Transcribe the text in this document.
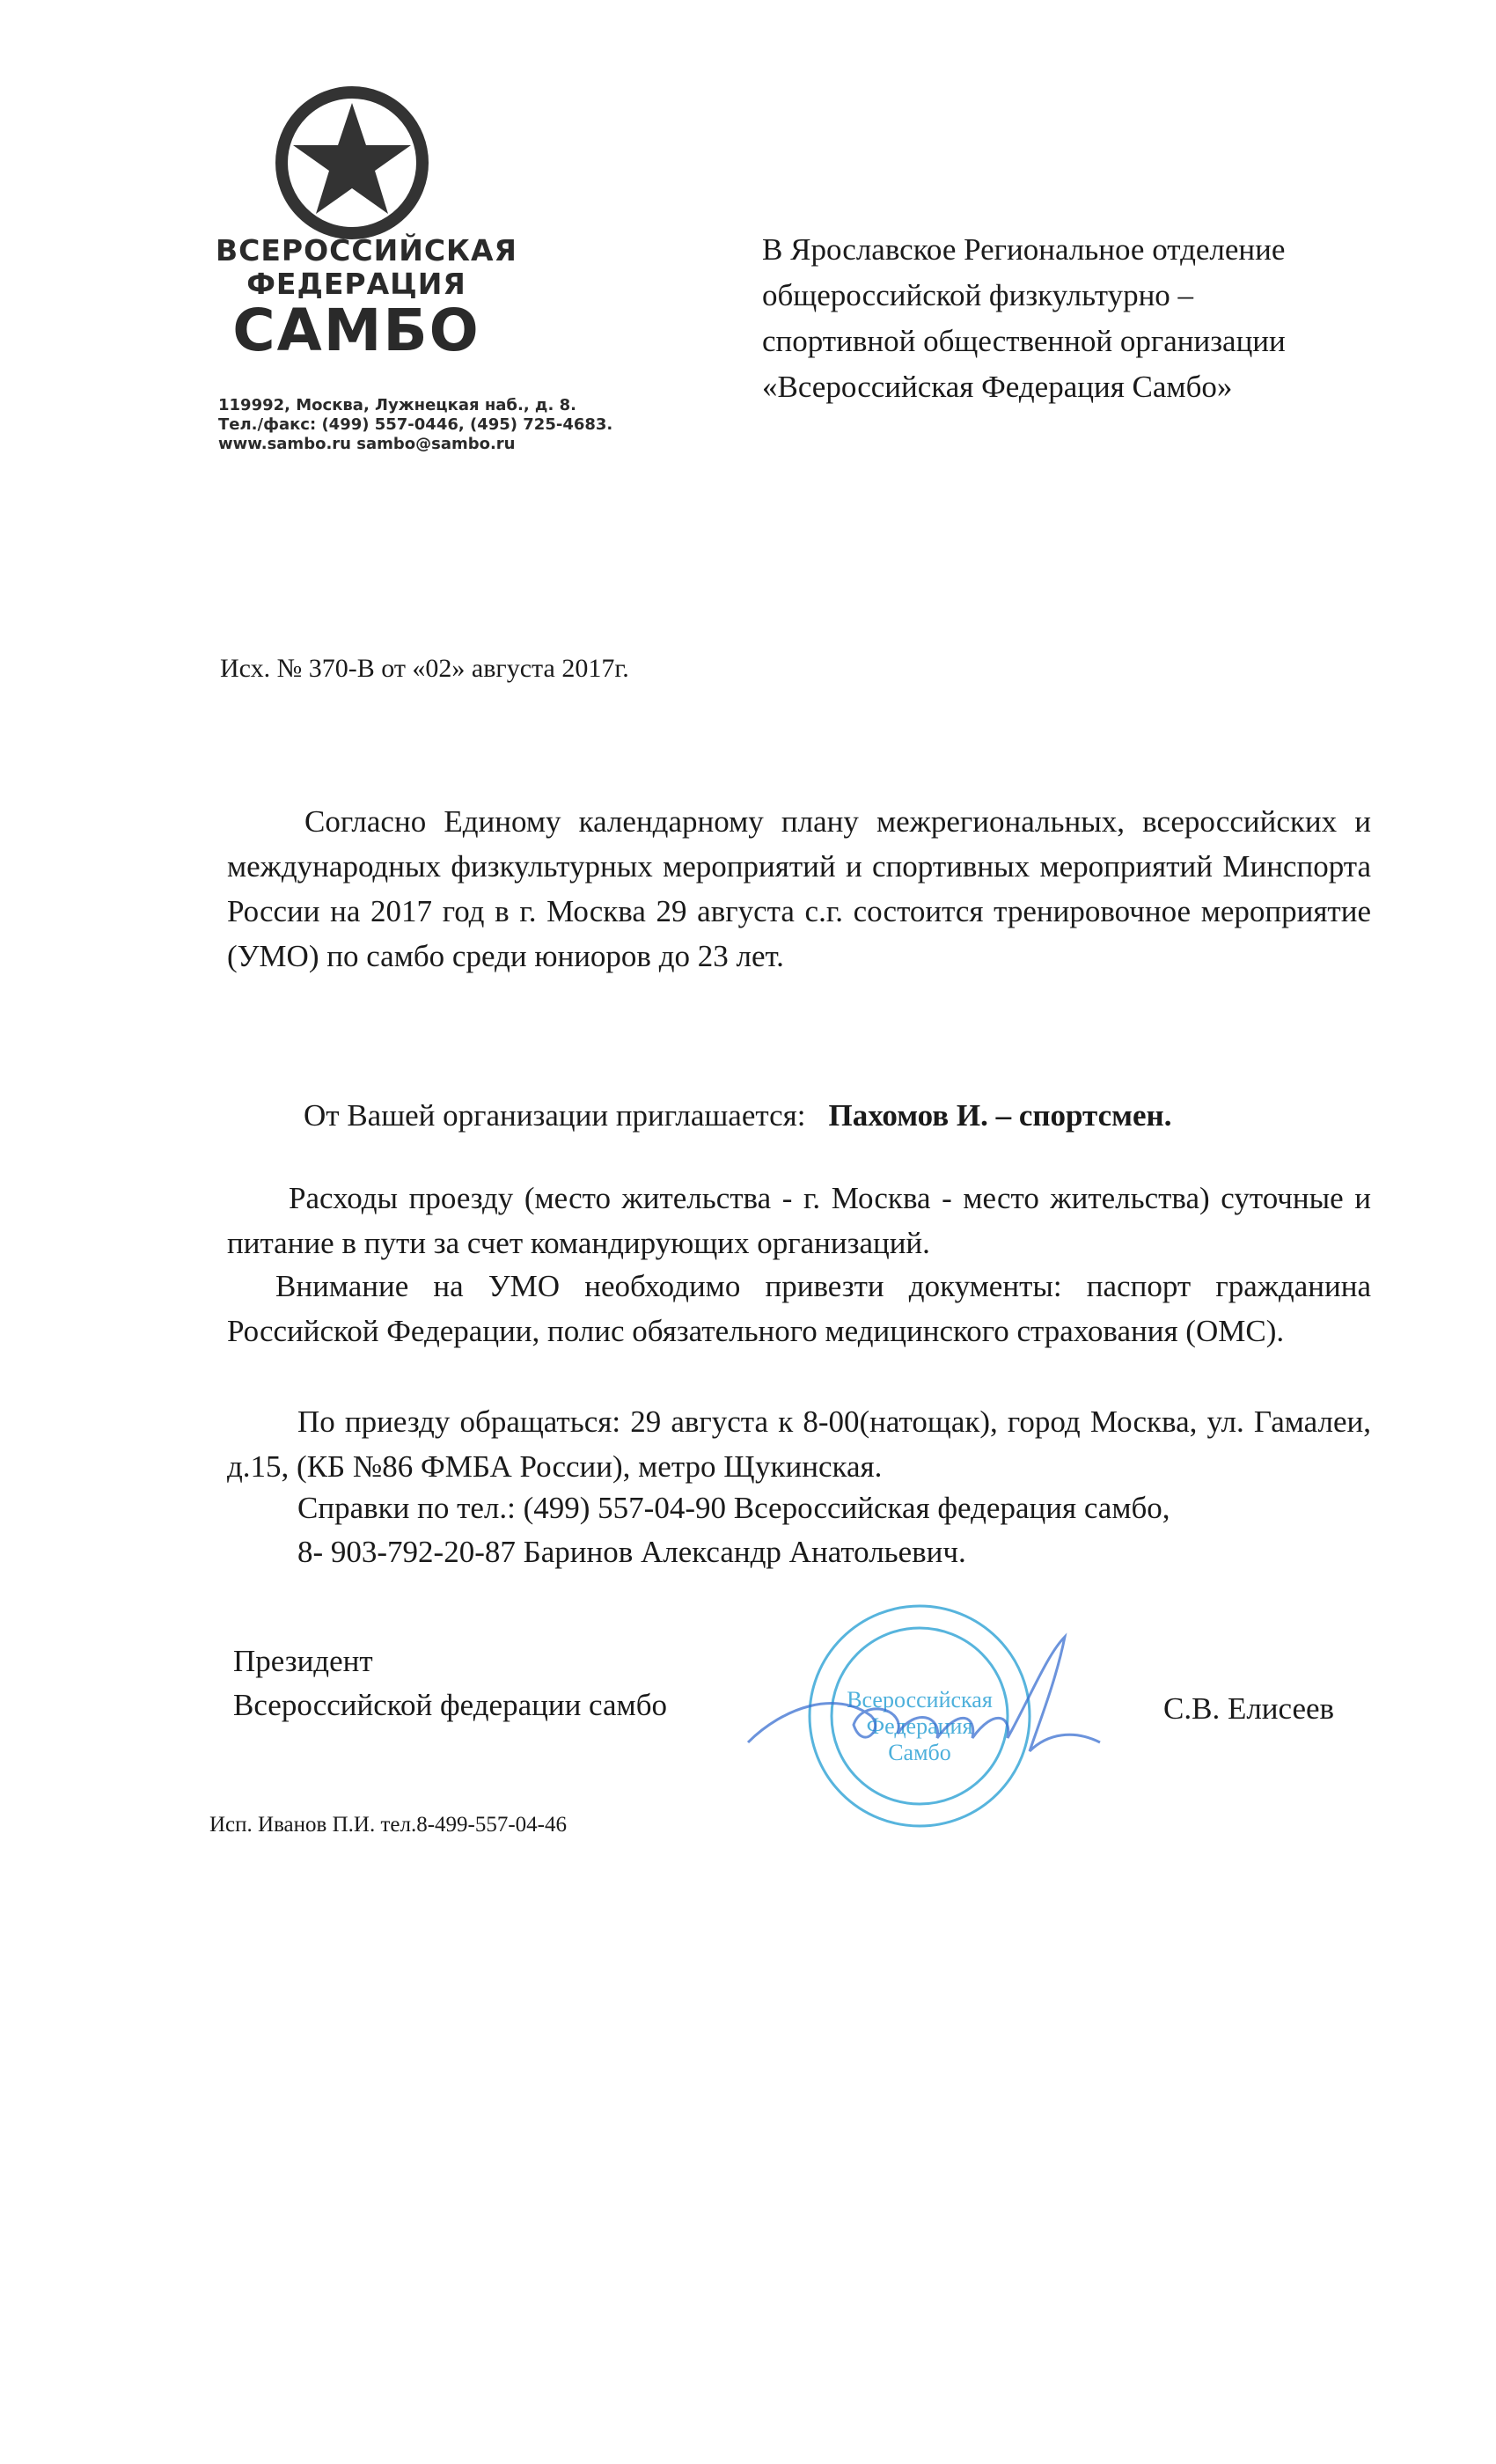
ВСЕРОССИЙСКАЯ
ФЕДЕРАЦИЯ
САМБО
119992, Москва, Лужнецкая наб., д. 8.
Тел./факс: (499) 557-0446, (495) 725-4683.
www.sambo.ru sambo@sambo.ru
В Ярославское Региональное отделение
общероссийской физкультурно –
спортивной общественной организации
«Всероссийская Федерация Самбо»
Исх. № 370-В от «02» августа 2017г.
Согласно Единому календарному плану межрегиональных, всероссийских и международных физкультурных мероприятий и спортивных мероприятий Минспорта России на 2017 год в г. Москва 29 августа с.г. состоится тренировочное мероприятие (УМО) по самбо среди юниоров до 23 лет.
От Вашей организации приглашается: Пахомов И. – спортсмен.
Расходы проезду (место жительства - г. Москва - место жительства) суточные и питание в пути за счет командирующих организаций.
Внимание на УМО необходимо привезти документы: паспорт гражданина Российской Федерации, полис обязательного медицинского страхования (ОМС).
По приезду обращаться: 29 августа к 8-00(натощак), город Москва, ул. Гамалеи, д.15, (КБ №86 ФМБА России), метро Щукинская.
Справки по тел.: (499) 557-04-90 Всероссийская федерация самбо,
8- 903-792-20-87 Баринов Александр Анатольевич.
Президент
Всероссийской федерации самбо	Всероссийская
Федерация
Самбо
С.В. Елисеев
Исп. Иванов П.И. тел.8-499-557-04-46
